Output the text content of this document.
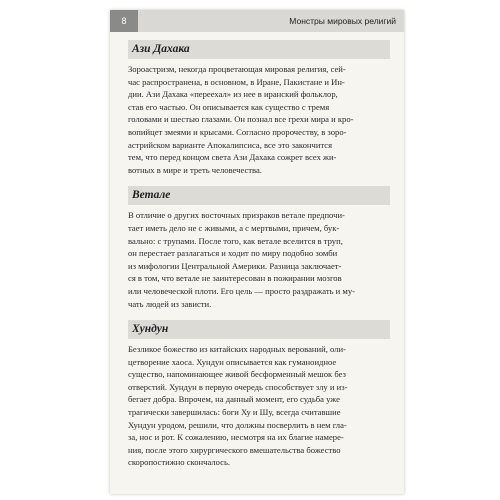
8	Монстры мировых религий
Ази Дахака

Зороастризм, некогда процветающая мировая религия, сей-
час распространена, в основном, в Иране, Пакистане и Ин-
дии. Ази Дахака «переехал» из нее в иранский фольклор,
став его частью. Он описывается как существо с тремя
головами и шестью глазами. Он познал все грехи мира и кро-
вопийцет змеями и крысами. Согласно пророчеству, в зоро-
астрийском варианте Апокалипсиса, все это закончится
тем, что перед концом света Ази Дахака сожрет всех жи-
вотных в мире и треть человечества.

Ветале

В отличие о других восточных призраков ветале предпочи-
тает иметь дело не с живыми, а с мертвыми, причем, бук-
вально: с трупами. После того, как ветале вселится в труп,
он перестает разлагаться и ходит по миру подобно зомби
из мифологии Центральной Америки. Разница заключает-
ся в том, что ветале не заинтересован в пожирании мозгов
или человеческой плоти. Его цель — просто раздражать и му-
чать людей из зависти.

Хундун

Безликое божество из китайских народных верований, оли-
цетворение хаоса. Хундун описывается как гуманоидное
существо, напоминающее живой бесформенный мешок без
отверстий. Хундун в первую очередь способствует злу и из-
бегает добра. Впрочем, на данный момент, его судьба уже
трагически завершилась: боги Ху и Шу, всегда считавшие
Хундун уродом, решили, что должны посверлить в нем гла-
за, нос и рот. К сожалению, несмотря на их благие намере-
ния, после этого хирургического вмешательства божество
скоропостижно скончалось.
